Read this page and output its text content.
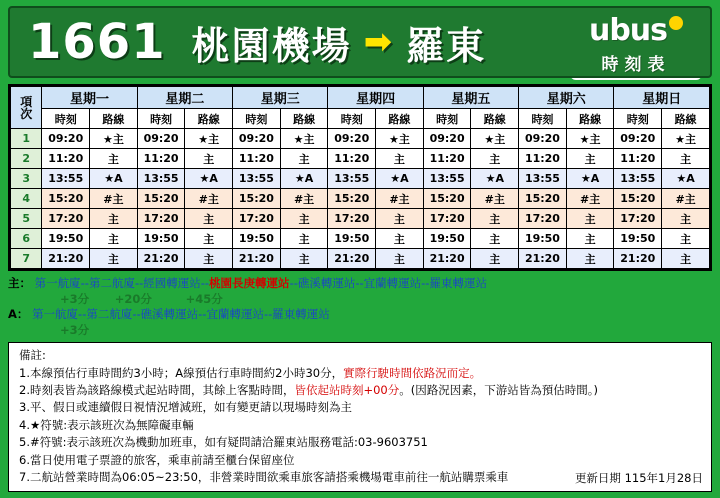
1661 桃園機場 ➡ 羅東	ubus
時刻表
項
次	星期一		星期二		星期三		星期四		星期五		星期六		星期日	
	時刻	路線	時刻	路線	時刻	路線	時刻	路線	時刻	路線	時刻	路線	時刻	路線
1	09:20	★主	09:20	★主	09:20	★主	09:20	★主	09:20	★主	09:20	★主	09:20	★主
2	11:20	主	11:20	主	11:20	主	11:20	主	11:20	主	11:20	主	11:20	主
3	13:55	★A	13:55	★A	13:55	★A	13:55	★A	13:55	★A	13:55	★A	13:55	★A
4	15:20	#主	15:20	#主	15:20	#主	15:20	#主	15:20	#主	15:20	#主	15:20	#主
5	17:20	主	17:20	主	17:20	主	17:20	主	17:20	主	17:20	主	17:20	主
6	19:50	主	19:50	主	19:50	主	19:50	主	19:50	主	19:50	主	19:50	主
7	21:20	主	21:20	主	21:20	主	21:20	主	21:20	主	21:20	主	21:20	主
主： 第一航廈--第二航廈--經國轉運站--桃園長庚轉運站--礁溪轉運站--宜蘭轉運站--羅東轉運站
+3分 +20分	+45分
A： 第一航廈--第二航廈--礁溪轉運站--宜蘭轉運站--羅東轉運站
+3分
備註:
1.本線預估行車時間約3小時；A線預估行車時間約2小時30分，實際行駛時間依路況而定。
2.時刻表皆為該路線模式起站時間，其餘上客點時間，皆依起站時刻+00分。(因路況因素，下游站皆為預估時間。)
3.平、假日或連續假日視情況增減班，如有變更請以現場時刻為主
4.★符號:表示該班次為無障礙車輛
5.#符號:表示該班次為機動加班車，如有疑問請洽羅東站服務電話:03-9603751
6.當日使用電子票證的旅客，乘車前請至櫃台保留座位
7.二航站營業時間為06:05~23:50，非營業時間欲乘車旅客請搭乘機場電車前往一航站購票乘車	更新日期 115年1月28日
